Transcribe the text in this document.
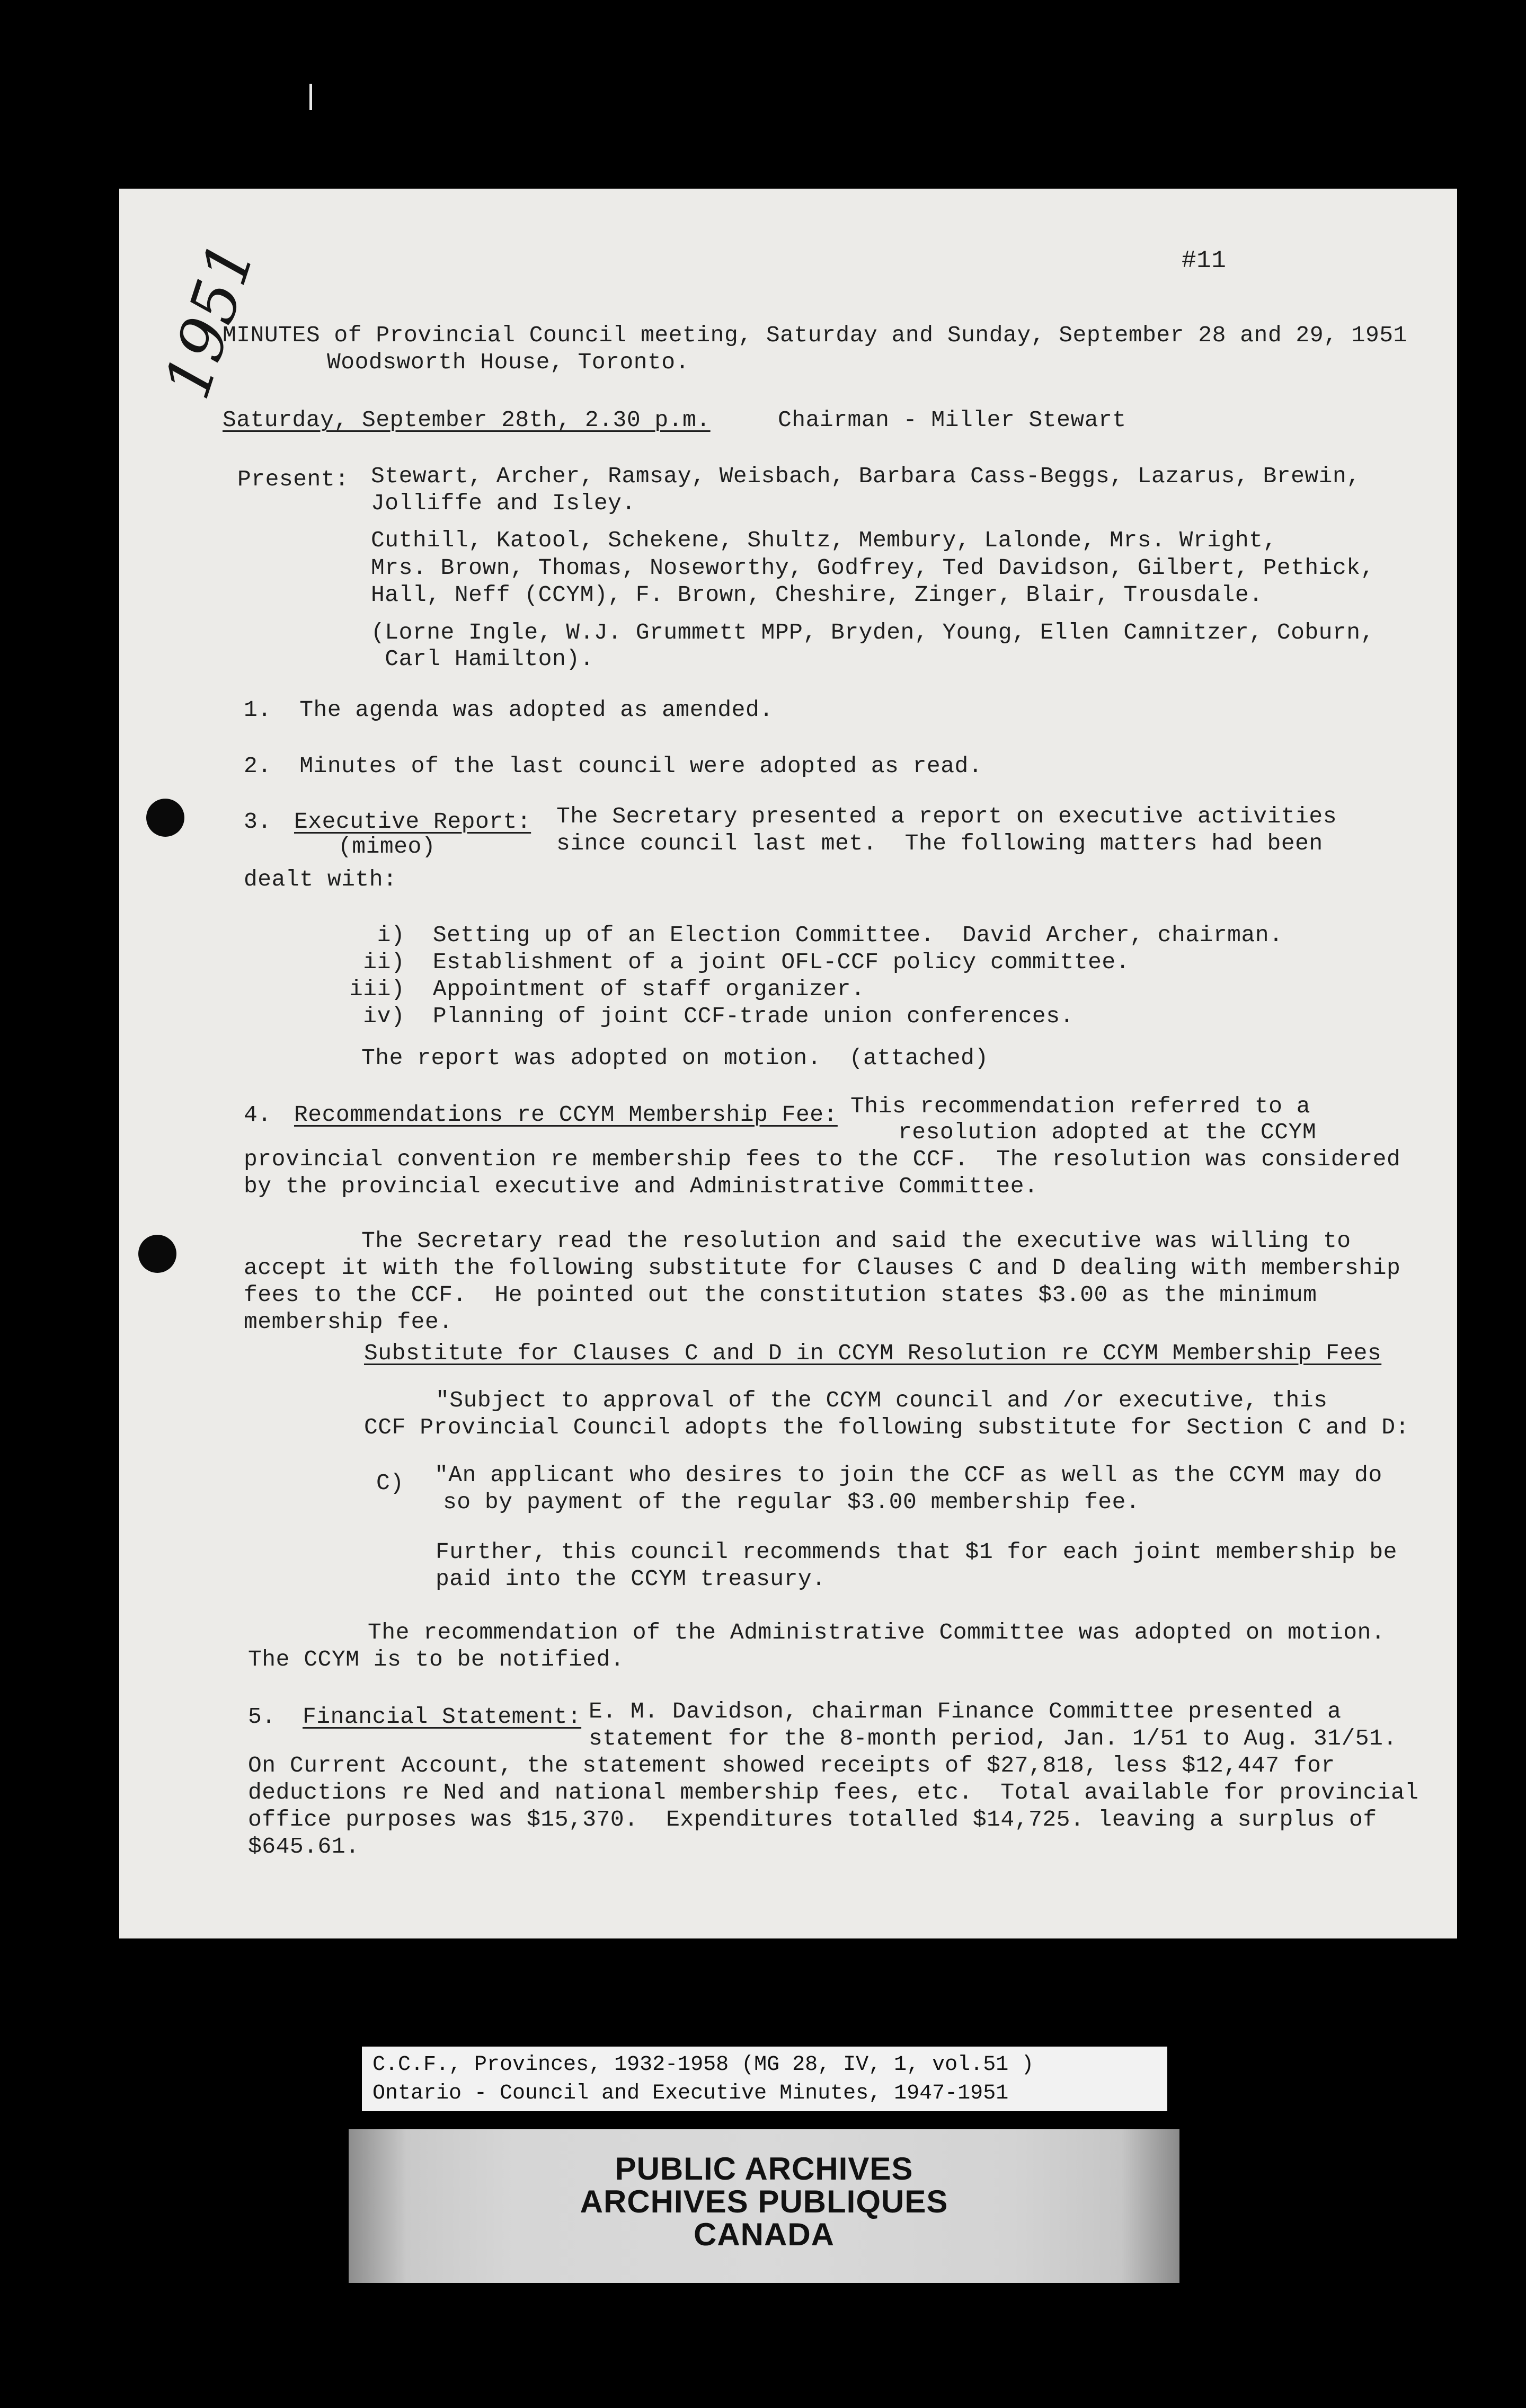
#11
1951
MINUTES of Provincial Council meeting, Saturday and Sunday, September 28 and 29, 1951
Woodsworth House, Toronto.
Saturday, September 28th, 2.30 p.m.	Chairman - Miller Stewart
Present: Stewart, Archer, Ramsay, Weisbach, Barbara Cass-Beggs, Lazarus, Brewin,
Jolliffe and Isley.
Cuthill, Katool, Schekene, Shultz, Membury, Lalonde, Mrs. Wright,
Mrs. Brown, Thomas, Noseworthy, Godfrey, Ted Davidson, Gilbert, Pethick,
Hall, Neff (CCYM), F. Brown, Cheshire, Zinger, Blair, Trousdale.
(Lorne Ingle, W.J. Grummett MPP, Bryden, Young, Ellen Camnitzer, Coburn,
Carl Hamilton).
1.  The agenda was adopted as amended.
2.  Minutes of the last council were adopted as read.
3. Executive Report:
(mimeo)
The Secretary presented a report on executive activities
since council last met.  The following matters had been
dealt with:
i)  Setting up of an Election Committee.  David Archer, chairman.
ii)  Establishment of a joint OFL-CCF policy committee.
iii)  Appointment of staff organizer.
iv)  Planning of joint CCF-trade union conferences.
The report was adopted on motion.  (attached)
4. Recommendations re CCYM Membership Fee: This recommendation referred to a
resolution adopted at the CCYM
provincial convention re membership fees to the CCF.  The resolution was considered
by the provincial executive and Administrative Committee.
The Secretary read the resolution and said the executive was willing to
accept it with the following substitute for Clauses C and D dealing with membership
fees to the CCF.  He pointed out the constitution states $3.00 as the minimum
membership fee.
Substitute for Clauses C and D in CCYM Resolution re CCYM Membership Fees
"Subject to approval of the CCYM council and /or executive, this
CCF Provincial Council adopts the following substitute for Section C and D:
C) "An applicant who desires to join the CCF as well as the CCYM may do
so by payment of the regular $3.00 membership fee.
Further, this council recommends that $1 for each joint membership be
paid into the CCYM treasury.
The recommendation of the Administrative Committee was adopted on motion.
The CCYM is to be notified.
5. Financial Statement: E. M. Davidson, chairman Finance Committee presented a
statement for the 8-month period, Jan. 1/51 to Aug. 31/51.
On Current Account, the statement showed receipts of $27,818, less $12,447 for
deductions re Ned and national membership fees, etc.  Total available for provincial
office purposes was $15,370.  Expenditures totalled $14,725. leaving a surplus of
$645.61.
C.C.F., Provinces, 1932-1958 (MG 28, IV, 1, vol.51 )
Ontario - Council and Executive Minutes, 1947-1951
PUBLIC ARCHIVES
ARCHIVES PUBLIQUES
CANADA
